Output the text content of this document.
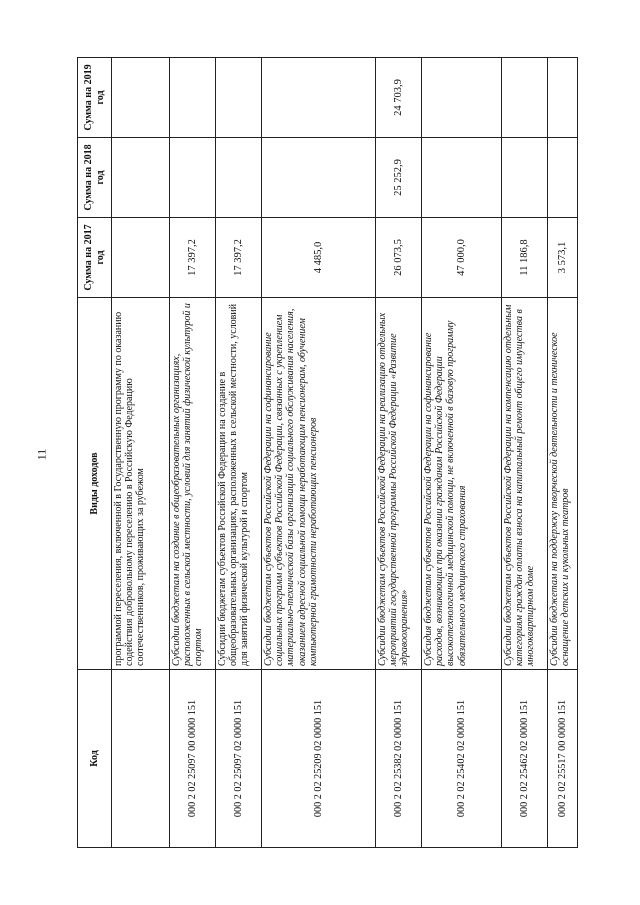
11
Код	Виды доходов	Сумма на 2017 год	Сумма на 2018 год	Сумма на 2019 год
	программой переселения, включенной в Государственную программу по оказанию содействия добровольному переселению в Российскую Федерацию соотечественников, проживающих за рубежом			
000 2 02 25097 00 0000 151	Субсидии бюджетам на создание в общеобразовательных организациях, расположенных в сельской местности, условий для занятий физической культурой и спортом	17 397,2		
000 2 02 25097 02 0000 151	Субсидии бюджетам субъектов Российской Федерации на создание в общеобразовательных организациях, расположенных в сельской местности, условий для занятий физической культурой и спортом	17 397,2		
000 2 02 25209 02 0000 151	Субсидии бюджетам субъектов Российской Федерации на софинансирование социальных программ субъектов Российской Федерации, связанных с укреплением материально-технической базы организаций социального обслуживания населения, оказанием адресной социальной помощи неработающим пенсионерам, обучением компьютерной грамотности неработающих пенсионеров	4 485,0		
000 2 02 25382 02 0000 151	Субсидии бюджетам субъектов Российской Федерации на реализацию отдельных мероприятий государственной программы Российской Федерации «Развитие здравоохранения»	26 073,5	25 252,9	24 703,9
000 2 02 25402 02 0000 151	Субсидия бюджетам субъектов Российской Федерации на софинансирование расходов, возникающих при оказании гражданам Российской Федерации высокотехнологичной медицинской помощи, не включенной в базовую программу обязательного медицинского страхования	47 000,0		
000 2 02 25462 02 0000 151	Субсидии бюджетам субъектов Российской Федерации на компенсацию отдельным категориям граждан оплаты взноса на капитальный ремонт общего имущества в многоквартирном доме	11 186,8		
000 2 02 25517 00 0000 151	Субсидии бюджетам на поддержку творческой деятельности и техническое оснащение детских и кукольных театров	3 573,1		
